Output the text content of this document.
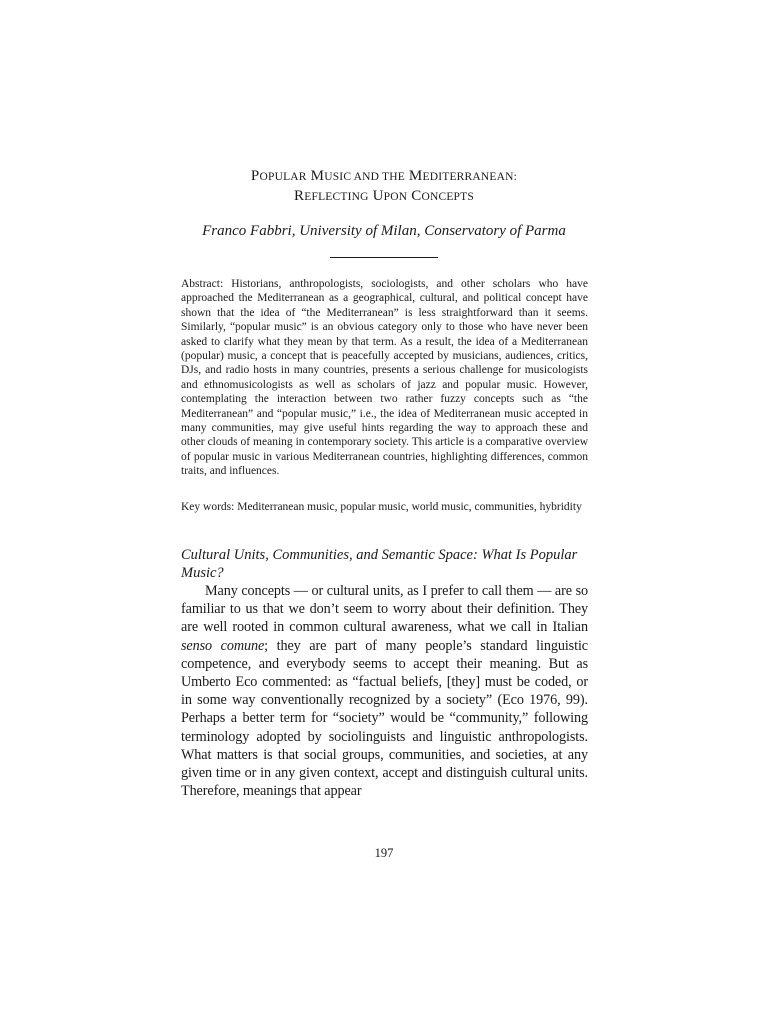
POPULAR MUSIC AND THE MEDITERRANEAN:
REFLECTING UPON CONCEPTS
Franco Fabbri, University of Milan, Conservatory of Parma
Abstract: Historians, anthropologists, sociologists, and other scholars who have approached the Mediterranean as a geographical, cultural, and political concept have shown that the idea of “the Mediterranean” is less straightforward than it seems. Similarly, “popular music” is an obvious category only to those who have never been asked to clarify what they mean by that term. As a result, the idea of a Mediterranean (popular) music, a concept that is peacefully accepted by musicians, audiences, critics, DJs, and radio hosts in many countries, presents a serious challenge for musicologists and ethnomusicologists as well as scholars of jazz and popular music. However, contemplating the interaction between two rather fuzzy concepts such as “the Mediterranean” and “popular music,” i.e., the idea of Mediterranean music accepted in many communities, may give useful hints regarding the way to approach these and other clouds of meaning in contemporary society. This article is a comparative overview of popular music in various Mediterranean countries, highlighting differences, common traits, and influences.
Key words: Mediterranean music, popular music, world music, communities, hybridity
Cultural Units, Communities, and Semantic Space: What Is Popular Music?
Many concepts — or cultural units, as I prefer to call them — are so familiar to us that we don’t seem to worry about their definition. They are well rooted in common cultural awareness, what we call in Italian senso comune; they are part of many people’s standard linguistic competence, and everybody seems to accept their meaning. But as Umberto Eco commented: as “factual beliefs, [they] must be coded, or in some way conventionally recognized by a society” (Eco 1976, 99). Perhaps a better term for “society” would be “community,” following terminology adopted by sociolinguists and linguistic anthropologists. What matters is that social groups, communities, and societies, at any given time or in any given context, accept and distinguish cultural units. Therefore, meanings that appear
197
